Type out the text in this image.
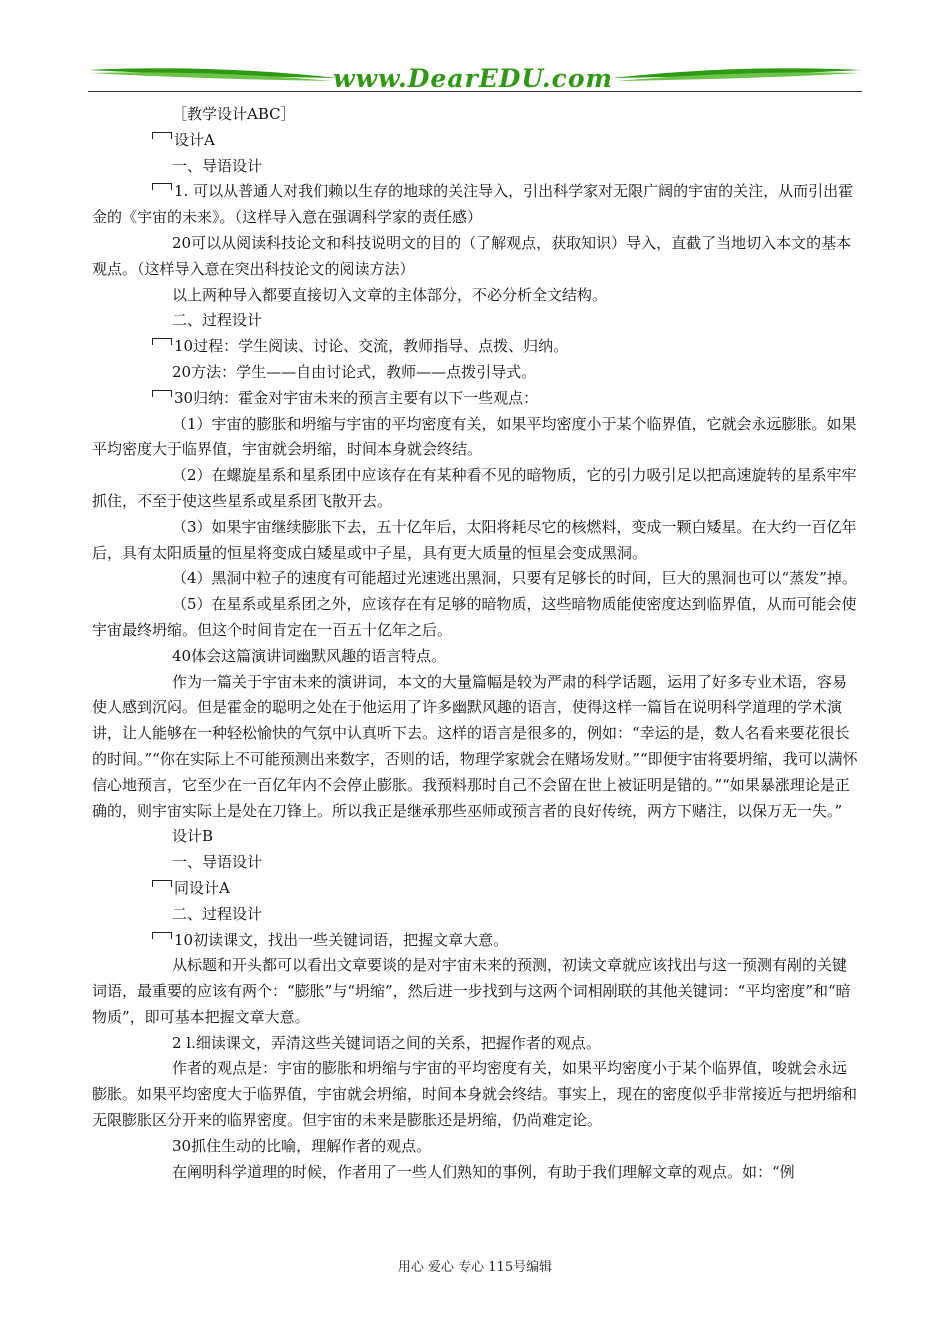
www.DearEDU.com

［教学设计ABC］

设计A

一、导语设计

1. 可以从普通人对我们赖以生存的地球的关注导入，引出科学家对无限广阔的宇宙的关注，从而引出霍金的《宇宙的未来》。（这样导入意在强调科学家的责任感）

20可以从阅读科技论文和科技说明文的目的（了解观点，获取知识）导入，直截了当地切入本文的基本观点。（这样导入意在突出科技论文的阅读方法）

以上两种导入都要直接切入文章的主体部分，不必分析全文结构。

二、过程设计

10过程：学生阅读、讨论、交流，教师指导、点拨、归纳。

20方法：学生——自由讨论式，教师——点拨引导式。

30归纳：霍金对宇宙未来的预言主要有以下一些观点：

（1）宇宙的膨胀和坍缩与宇宙的平均密度有关，如果平均密度小于某个临界值，它就会永远膨胀。如果平均密度大于临界值，宇宙就会坍缩，时间本身就会终结。

（2）在螺旋星系和星系团中应该存在有某种看不见的暗物质，它的引力吸引足以把高速旋转的星系牢牢抓住，不至于使这些星系或星系团飞散开去。

（3）如果宇宙继续膨胀下去，五十亿年后，太阳将耗尽它的核燃料，变成一颗白矮星。在大约一百亿年后，具有太阳质量的恒星将变成白矮星或中子星，具有更大质量的恒星会变成黑洞。

（4）黑洞中粒子的速度有可能超过光速逃出黑洞，只要有足够长的时间，巨大的黑洞也可以“蒸发”掉。

（5）在星系或星系团之外，应该存在有足够的暗物质，这些暗物质能使密度达到临界值，从而可能会使宇宙最终坍缩。但这个时间肯定在一百五十亿年之后。

40体会这篇演讲词幽默风趣的语言特点。

作为一篇关于宇宙未来的演讲词，本文的大量篇幅是较为严肃的科学话题，运用了好多专业术语，容易使人感到沉闷。但是霍金的聪明之处在于他运用了许多幽默风趣的语言，使得这样一篇旨在说明科学道理的学术演讲，让人能够在一种轻松愉快的气氛中认真听下去。这样的语言是很多的，例如：“幸运的是，数人名看来要花很长的时间。”“你在实际上不可能预测出来数字，否则的话，物理学家就会在赌场发财。”“即便宇宙将要坍缩，我可以满怀信心地预言，它至少在一百亿年内不会停止膨胀。我预料那时自己不会留在世上被证明是错的。”“如果暴涨理论是正确的，则宇宙实际上是处在刀锋上。所以我正是继承那些巫师或预言者的良好传统，两方下赌注，以保万无一失。”

设计B

一、导语设计

同设计A

二、过程设计

10初读课文，找出一些关键词语，把握文章大意。

从标题和开头都可以看出文章要谈的是对宇宙未来的预测，初读文章就应该找出与这一预测有剐的关键词语，最重要的应该有两个：“膨胀”与“坍缩”，然后进一步找到与这两个词相剐联的其他关键词：“平均密度”和“暗物质”，即可基本把握文章大意。

2 l.细读课文，弄清这些关键词语之间的关系，把握作者的观点。

作者的观点是：宇宙的膨胀和坍缩与宇宙的平均密度有关，如果平均密度小于某个临界值，唆就会永远膨胀。如果平均密度大于临界值，宇宙就会坍缩，时间本身就会终结。事实上，现在的密度似乎非常接近与把坍缩和无限膨胀区分开来的临界密度。但宇宙的未来是膨胀还是坍缩，仍尚难定论。

30抓住生动的比喻，理解作者的观点。

在阐明科学道理的时候，作者用了一些人们熟知的事例，有助于我们理解文章的观点。如：“例

用心 爱心 专心 115号编辑
